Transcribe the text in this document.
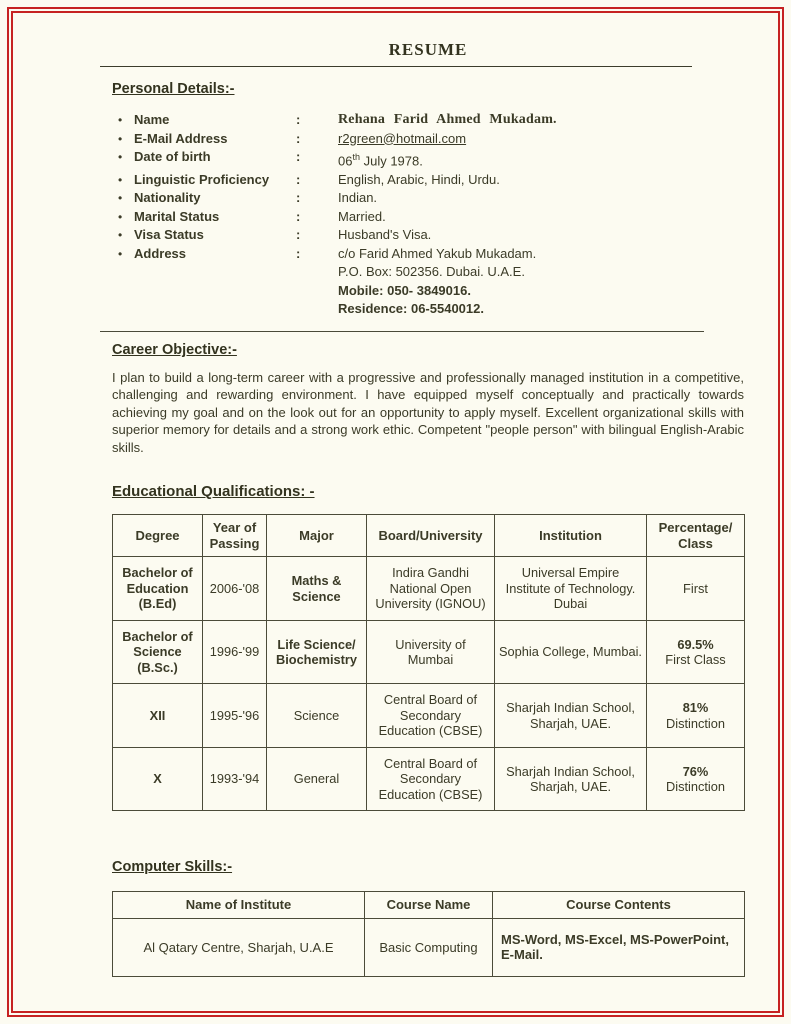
RESUME
Personal Details:-
• Name	:	Rehana Farid Ahmed Mukadam.
• E-Mail Address	:	r2green@hotmail.com
• Date of birth	:	06th July 1978.
• Linguistic Proficiency	:	English, Arabic, Hindi, Urdu.
• Nationality	:	Indian.
• Marital Status	:	Married.
• Visa Status	:	Husband's Visa.
• Address	:	c/o Farid Ahmed Yakub Mukadam.
P.O. Box: 502356. Dubai. U.A.E.
Mobile: 050- 3849016.
Residence: 06-5540012.
Career Objective:-

I plan to build a long-term career with a progressive and professionally managed institution in a competitive, challenging and rewarding environment. I have equipped myself conceptually and practically towards achieving my goal and on the look out for an opportunity to apply myself. Excellent organizational skills with superior memory for details and a strong work ethic. Competent "people person" with bilingual English-Arabic skills.

Educational Qualifications: -
Degree	Year of Passing	Major	Board/University	Institution	Percentage/ Class
Bachelor of Education (B.Ed)	2006-'08	Maths & Science	Indira Gandhi National Open University (IGNOU)	Universal Empire Institute of Technology. Dubai	First

Bachelor of Science (B.Sc.)	1996-'99	Life Science/ Biochemistry	University of Mumbai	Sophia College, Mumbai.	69.5%
First Class

XII	1995-'96	Science	Central Board of Secondary Education (CBSE)	Sharjah Indian School, Sharjah, UAE.	81%
Distinction

X	1993-'94	General	Central Board of Secondary Education (CBSE)	Sharjah Indian School, Sharjah, UAE.	76%
Distinction
Computer Skills:-
Name of Institute	Course Name	Course Contents
Al Qatary Centre, Sharjah, U.A.E	Basic Computing	MS-Word, MS-Excel, MS-PowerPoint, E-Mail.
